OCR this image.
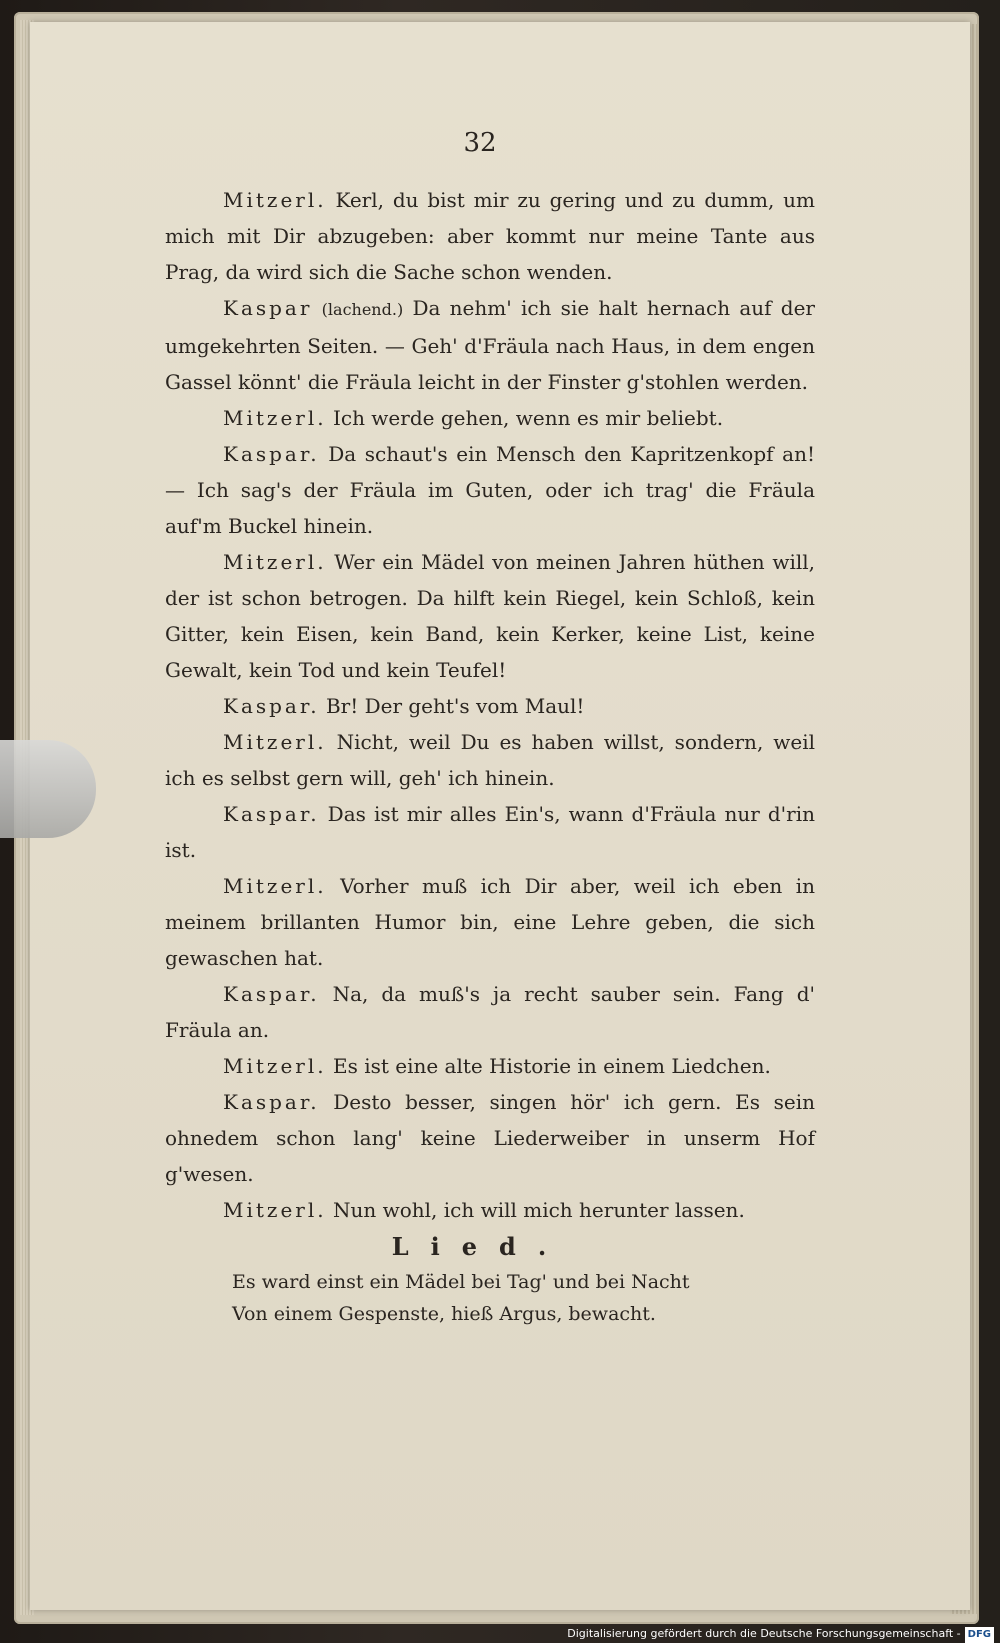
32

Mitzerl. Kerl, du bist mir zu gering und zu dumm, um mich mit Dir abzugeben: aber kommt nur meine Tante aus Prag, da wird sich die Sache schon wenden.

Kaspar (lachend.) Da nehm' ich sie halt hernach auf der umgekehrten Seiten. — Geh' d'Fräula nach Haus, in dem engen Gassel könnt' die Fräula leicht in der Finster g'stohlen werden.

Mitzerl. Ich werde gehen, wenn es mir beliebt.

Kaspar. Da schaut's ein Mensch den Kapritzenkopf an! — Ich sag's der Fräula im Guten, oder ich trag' die Fräula auf'm Buckel hinein.

Mitzerl. Wer ein Mädel von meinen Jahren hüthen will, der ist schon betrogen. Da hilft kein Riegel, kein Schloß, kein Gitter, kein Eisen, kein Band, kein Kerker, keine List, keine Gewalt, kein Tod und kein Teufel!

Kaspar. Br! Der geht's vom Maul!

Mitzerl. Nicht, weil Du es haben willst, sondern, weil ich es selbst gern will, geh' ich hinein.

Kaspar. Das ist mir alles Ein's, wann d'Fräula nur d'rin ist.

Mitzerl. Vorher muß ich Dir aber, weil ich eben in meinem brillanten Humor bin, eine Lehre geben, die sich gewaschen hat.

Kaspar. Na, da muß's ja recht sauber sein. Fang d' Fräula an.

Mitzerl. Es ist eine alte Historie in einem Liedchen.

Kaspar. Desto besser, singen hör' ich gern. Es sein ohnedem schon lang' keine Liederweiber in unserm Hof g'wesen.

Mitzerl. Nun wohl, ich will mich herunter lassen.

Lied.

Es ward einst ein Mädel bei Tag' und bei Nacht

Von einem Gespenste, hieß Argus, bewacht.

Digitalisierung gefördert durch die Deutsche Forschungsgemeinschaft - DFG
